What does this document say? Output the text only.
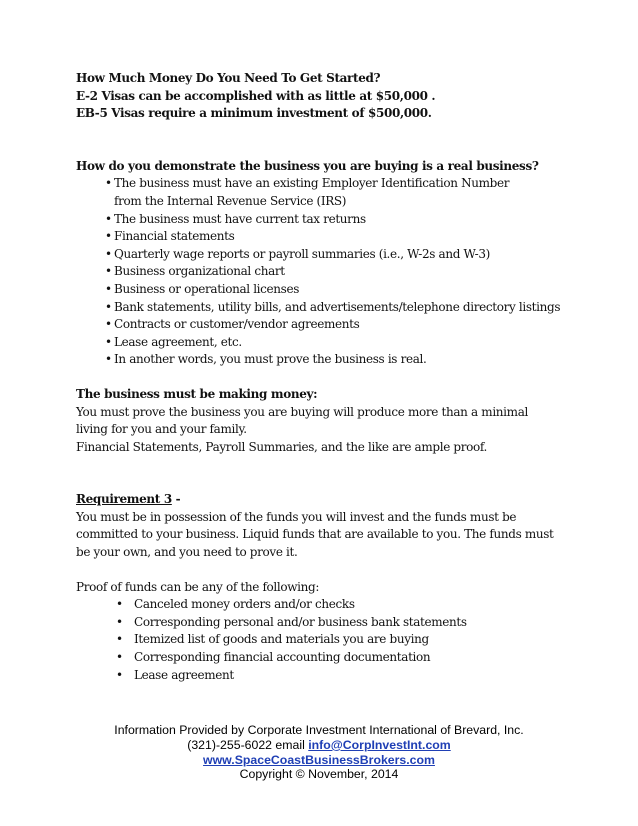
How Much Money Do You Need To Get Started?

E-2 Visas can be accomplished with as little at $50,000 .

EB-5 Visas require a minimum investment of $500,000.

How do you demonstrate the business you are buying is a real business?

• The business must have an existing Employer Identification Number from the Internal Revenue Service (IRS)
• The business must have current tax returns
• Financial statements
• Quarterly wage reports or payroll summaries (i.e., W-2s and W-3)
• Business organizational chart
• Business or operational licenses
• Bank statements, utility bills, and advertisements/telephone directory listings
• Contracts or customer/vendor agreements
• Lease agreement, etc.
• In another words, you must prove the business is real.

The business must be making money:

You must prove the business you are buying will produce more than a minimal living for you and your family.

Financial Statements, Payroll Summaries, and the like are ample proof.

Requirement 3 -

You must be in possession of the funds you will invest and the funds must be committed to your business. Liquid funds that are available to you. The funds must be your own, and you need to prove it.

Proof of funds can be any of the following:

• Canceled money orders and/or checks
• Corresponding personal and/or business bank statements
• Itemized list of goods and materials you are buying
• Corresponding financial accounting documentation
• Lease agreement

Information Provided by Corporate Investment International of Brevard, Inc.

(321)-255-6022 email info@CorpInvestInt.com

www.SpaceCoastBusinessBrokers.com

Copyright © November, 2014
